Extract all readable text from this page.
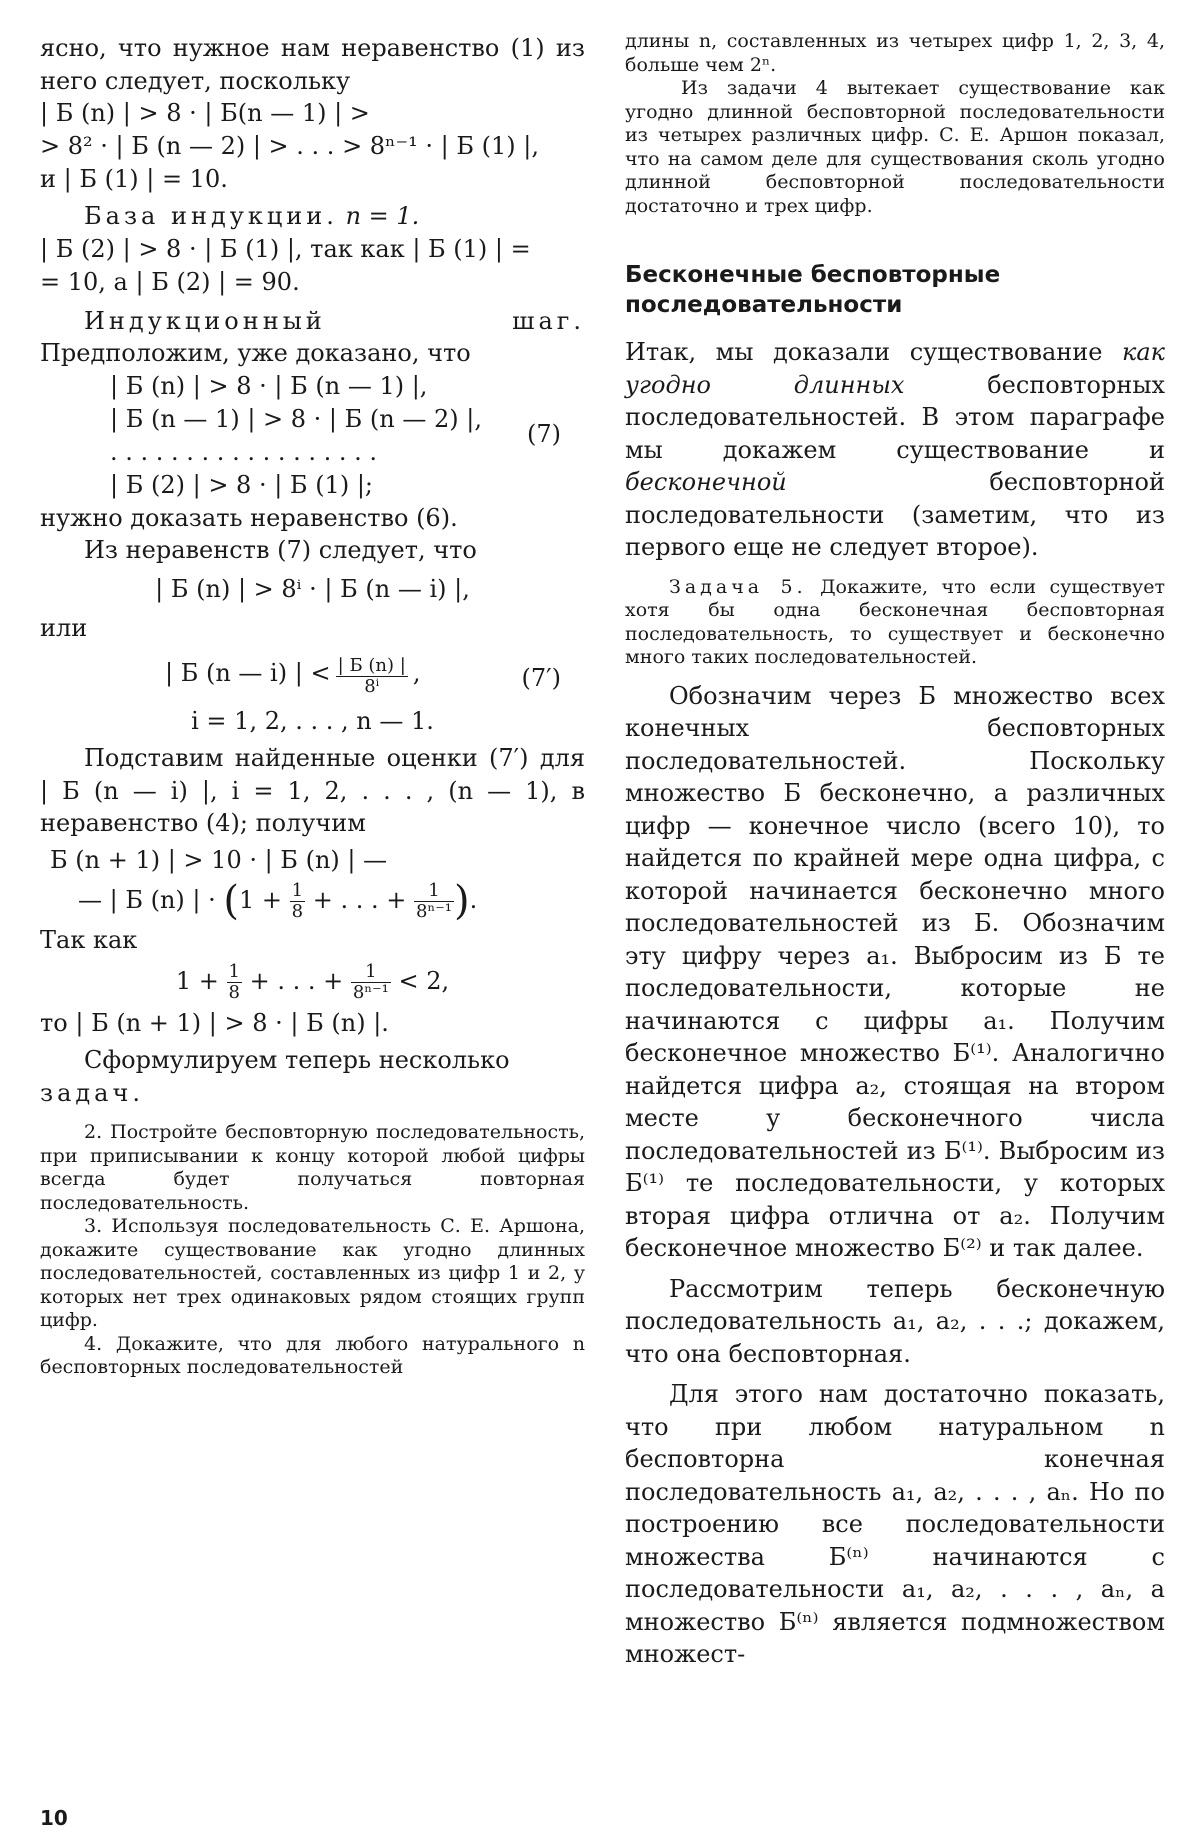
ясно, что нужное нам неравенство (1) из него следует, поскольку

| Б (n) | > 8 · | Б(n — 1) | >

> 8² · | Б (n — 2) | > . . . > 8ⁿ⁻¹ · | Б (1) |,

и | Б (1) | = 10.

База индукции. n = 1.

| Б (2) | > 8 · | Б (1) |, так как | Б (1) | =

= 10, а | Б (2) | = 90.

Индукционный шаг. Предположим, уже доказано, что

| Б (n) | > 8 · | Б (n — 1) |,

| Б (n — 1) | > 8 · | Б (n — 2) |,

. . . . . . . . . . . . . . . . . .

| Б (2) | > 8 · | Б (1) |;

(7)

нужно доказать неравенство (6).

Из неравенств (7) следует, что

| Б (n) | > 8ⁱ · | Б (n — i) |,

или

| Б (n — i) | < $\frac{| Б (n) |}{\text{8ⁱ}}$ ,	(7′)

i = 1, 2, . . . , n — 1.

Подставим найденные оценки (7′) для | Б (n — i) |, i = 1, 2, . . . , (n — 1), в неравенство (4); получим

Б (n + 1) | > 10 · | Б (n) | —

— | Б (n) | · ($1 + \frac{1}{8}$ + . . . + $\frac{1}{\text{8ⁿ⁻¹}}$ ).

Так как

$1 + \frac{1}{8}$ + . . . + $\frac{1}{\text{8ⁿ⁻¹}} < 2$,

то | Б (n + 1) | > 8 · | Б (n) |.

Сформулируем теперь несколько

задач.

2. Постройте бесповторную последовательность, при приписывании к концу которой любой цифры всегда будет получаться повторная последовательность.

3. Используя последовательность С. Е. Аршона, докажите существование как угодно длинных последовательностей, составленных из цифр 1 и 2, у которых нет трех одинаковых рядом стоящих групп цифр.

4. Докажите, что для любого натурального n бесповторных последовательностей

длины n, составленных из четырех цифр 1, 2, 3, 4, больше чем 2ⁿ.

Из задачи 4 вытекает существование как угодно длинной бесповторной последовательности из четырех различных цифр. С. Е. Аршон показал, что на самом деле для существования сколь угодно длинной бесповторной последовательности достаточно и трех цифр.

Бесконечные бесповторные последовательности

Итак, мы доказали существование как угодно длинных	бесповторных последовательностей. В этом параграфе мы докажем существование и бесконечной	бесповторной последовательности (заметим, что из первого еще не следует второе).

Задача 5. Докажите, что если существует хотя бы одна бесконечная бесповторная последовательность, то существует и бесконечно много таких последовательностей.

Обозначим через Б множество всех конечных бесповторных последовательностей. Поскольку множество Б бесконечно, а различных цифр — конечное число (всего 10), то найдется по крайней мере одна цифра, с которой начинается бесконечно много последовательностей из Б. Обозначим эту цифру через a₁. Выбросим из Б те последовательности, которые не начинаются с цифры a₁. Получим бесконечное множество Б⁽¹⁾. Аналогично найдется цифра a₂, стоящая на втором месте у бесконечного числа последовательностей из Б⁽¹⁾. Выбросим из Б⁽¹⁾ те последовательности, у которых вторая цифра отлична от a₂. Получим бесконечное множество Б⁽²⁾ и так далее.

Рассмотрим теперь бесконечную последовательность a₁, a₂, . . .; докажем, что она бесповторная.

Для этого нам достаточно показать, что при любом натуральном n бесповторна конечная последовательность a₁, a₂, . . . , aₙ. Но по построению все последовательности множества Б⁽ⁿ⁾ начинаются с последовательности a₁, a₂, . . . , aₙ, а множество Б⁽ⁿ⁾ является подмножеством множест-

10
